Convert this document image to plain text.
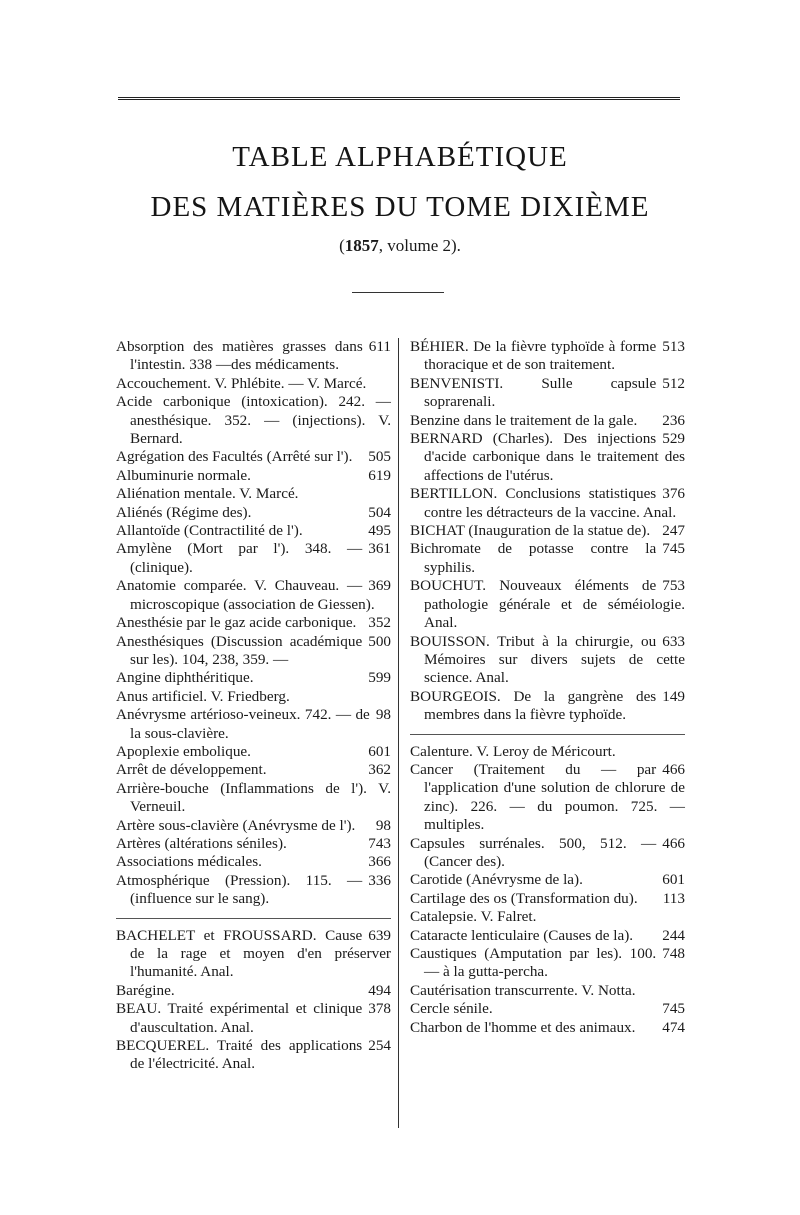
TABLE ALPHABÉTIQUE
DES MATIÈRES DU TOME DIXIÈME
(1857, volume 2).

611
Absorption des matières grasses dans l'intestin. 338 —des médicaments.

Accouchement. V. Phlébite. — V. Marcé.

Acide carbonique (intoxication). 242. — anesthésique. 352. — (injections). V. Bernard.

505
Agrégation des Facultés (Arrêté sur l').

619
Albuminurie normale.

Aliénation mentale. V. Marcé.

504
Aliénés (Régime des).

495
Allantoïde (Contractilité de l').

361
Amylène (Mort par l'). 348. — (clinique).

369
Anatomie comparée. V. Chauveau. — microscopique (association de Giessen).

352
Anesthésie par le gaz acide carbonique.

500
Anesthésiques (Discussion académique sur les). 104, 238, 359. —

599
Angine diphthéritique.

Anus artificiel. V. Friedberg.

98
Anévrysme artérioso-veineux. 742. — de la sous-clavière.

601
Apoplexie embolique.

362
Arrêt de développement.

Arrière-bouche (Inflammations de l'). V. Verneuil.

98
Artère sous-clavière (Anévrysme de l').

743
Artères (altérations séniles).

366
Associations médicales.

336
Atmosphérique (Pression). 115. — (influence sur le sang).

639
BACHELET et FROUSSARD. Cause de la rage et moyen d'en préserver l'humanité. Anal.

494
Barégine.

378
BEAU. Traité expérimental et clinique d'auscultation. Anal.

254
BECQUEREL. Traité des applications de l'électricité. Anal.

513
BÉHIER. De la fièvre typhoïde à forme thoracique et de son traitement.

512
BENVENISTI. Sulle capsule soprarenali.

236
Benzine dans le traitement de la gale.

529
BERNARD (Charles). Des injections d'acide carbonique dans le traitement des affections de l'utérus.

376
BERTILLON. Conclusions statistiques contre les détracteurs de la vaccine. Anal.

247
BICHAT (Inauguration de la statue de).

745
Bichromate de potasse contre la syphilis.

753
BOUCHUT. Nouveaux éléments de pathologie générale et de séméiologie. Anal.

633
BOUISSON. Tribut à la chirurgie, ou Mémoires sur divers sujets de cette science. Anal.

149
BOURGEOIS. De la gangrène des membres dans la fièvre typhoïde.

Calenture. V. Leroy de Méricourt.

466
Cancer (Traitement du — par l'application d'une solution de chlorure de zinc). 226. — du poumon. 725. — multiples.

466
Capsules surrénales. 500, 512. — (Cancer des).

601
Carotide (Anévrysme de la).

113
Cartilage des os (Transformation du).

Catalepsie. V. Falret.

244
Cataracte lenticulaire (Causes de la).

748
Caustiques (Amputation par les). 100. — à la gutta-percha.

Cautérisation transcurrente. V. Notta.

745
Cercle sénile.

474
Charbon de l'homme et des animaux.
